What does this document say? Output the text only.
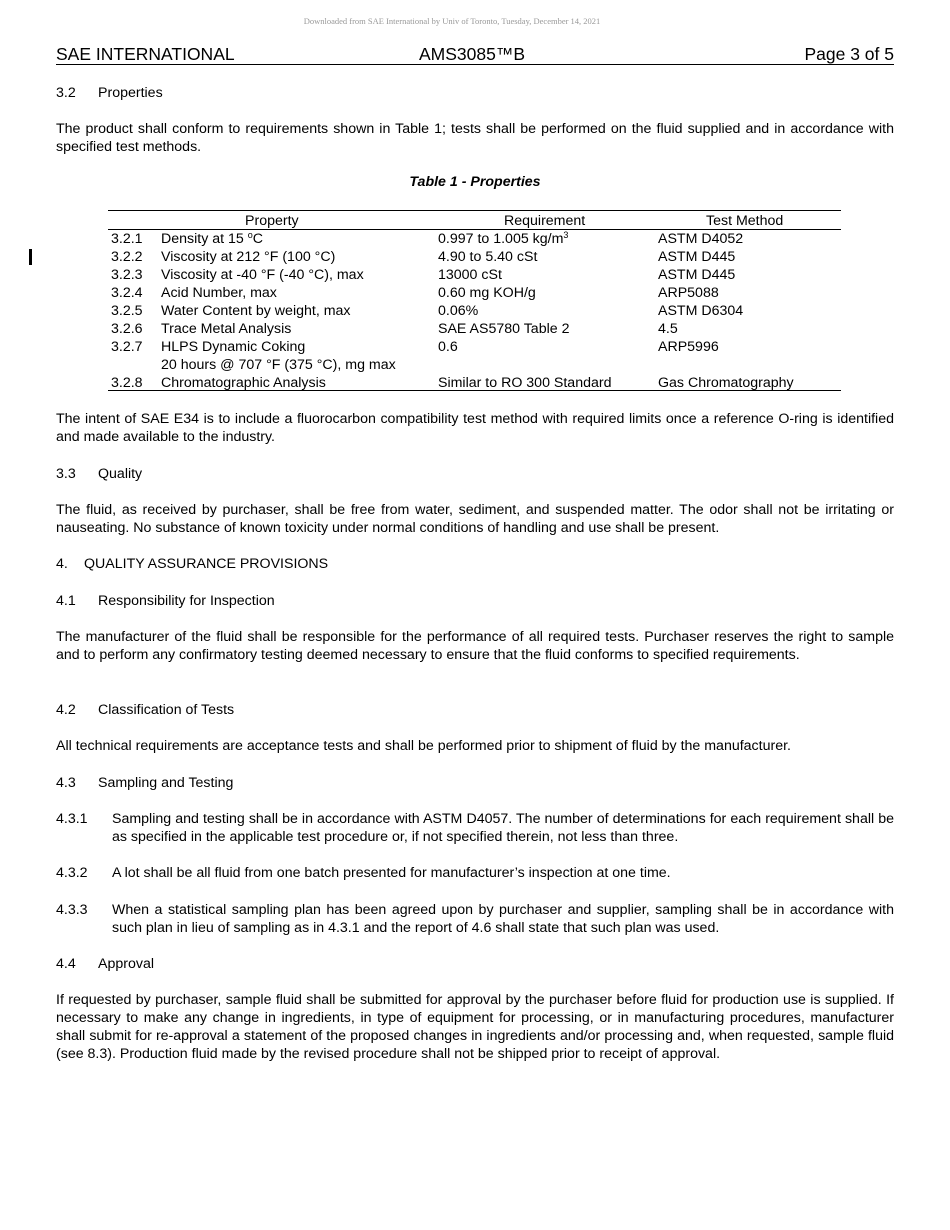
Downloaded from SAE International by Univ of Toronto, Tuesday, December 14, 2021
SAE INTERNATIONAL	AMS3085™B	Page 3 of 5
3.2 Properties

The product shall conform to requirements shown in Table 1; tests shall be performed on the fluid supplied and in accordance with specified test methods.

Table 1 - Properties
Property	Requirement	Test Method
3.2.1 Density at 15 $^o$C	0.997 to 1.005 $kg/m^3$	ASTM D4052
3.2.2 Viscosity at 212 °F (100 °C)	4.90 to 5.40 cSt	ASTM D445
3.2.3 Viscosity at -40 °F (-40 °C), max	13000 cSt	ASTM D445
3.2.4 Acid Number, max	0.60 mg KOH/g	ARP5088
3.2.5 Water Content by weight, max	0.06%	ASTM D6304
3.2.6 Trace Metal Analysis	SAE AS5780 Table 2	4.5
3.2.7 HLPS Dynamic Coking	0.6	ARP5996
20 hours @ 707 °F (375 °C), mg max
3.2.8 Chromatographic Analysis	Similar to RO 300 Standard	Gas Chromatography

The intent of SAE E34 is to include a fluorocarbon compatibility test method with required limits once a reference O-ring is identified and made available to the industry.

3.3 Quality

The fluid, as received by purchaser, shall be free from water, sediment, and suspended matter. The odor shall not be irritating or nauseating. No substance of known toxicity under normal conditions of handling and use shall be present.

4. QUALITY ASSURANCE PROVISIONS
4.1 Responsibility for Inspection

The manufacturer of the fluid shall be responsible for the performance of all required tests. Purchaser reserves the right to sample and to perform any confirmatory testing deemed necessary to ensure that the fluid conforms to specified requirements.

4.2 Classification of Tests

All technical requirements are acceptance tests and shall be performed prior to shipment of fluid by the manufacturer.

4.3 Sampling and Testing
4.3.1 Sampling and testing shall be in accordance with ASTM D4057. The number of determinations for each requirement shall be as specified in the applicable test procedure or, if not specified therein, not less than three.
4.3.2 A lot shall be all fluid from one batch presented for manufacturer’s inspection at one time.
4.3.3 When a statistical sampling plan has been agreed upon by purchaser and supplier, sampling shall be in accordance with such plan in lieu of sampling as in 4.3.1 and the report of 4.6 shall state that such plan was used.
4.4 Approval

If requested by purchaser, sample fluid shall be submitted for approval by the purchaser before fluid for production use is supplied. If necessary to make any change in ingredients, in type of equipment for processing, or in manufacturing procedures, manufacturer shall submit for re-approval a statement of the proposed changes in ingredients and/or processing and, when requested, sample fluid (see 8.3). Production fluid made by the revised procedure shall not be shipped prior to receipt of approval.
